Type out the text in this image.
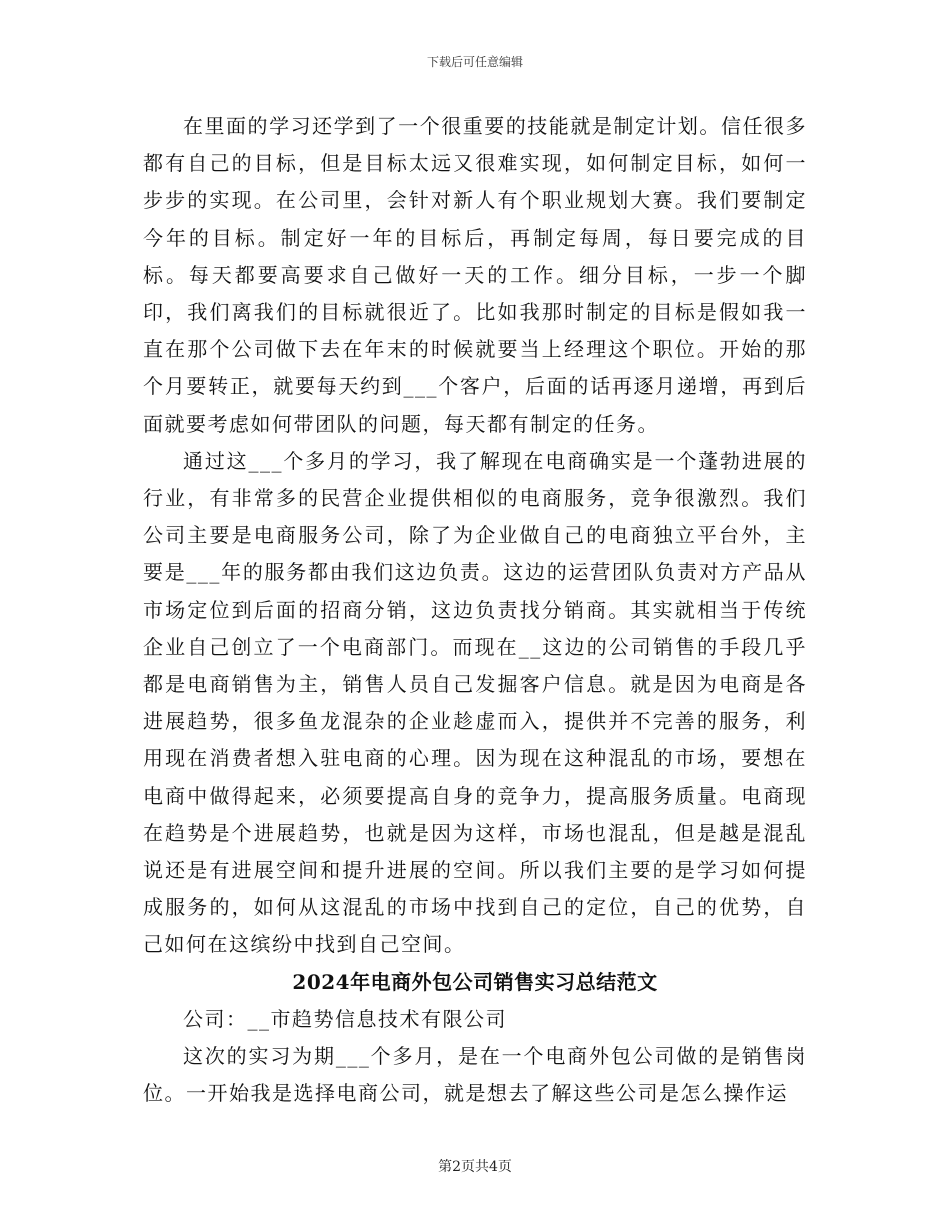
下载后可任意编辑

在里面的学习还学到了一个很重要的技能就是制定计划。信任很多都有自己的目标，但是目标太远又很难实现，如何制定目标，如何一步步的实现。在公司里，会针对新人有个职业规划大赛。我们要制定今年的目标。制定好一年的目标后，再制定每周，每日要完成的目标。每天都要高要求自己做好一天的工作。细分目标，一步一个脚印，我们离我们的目标就很近了。比如我那时制定的目标是假如我一直在那个公司做下去在年末的时候就要当上经理这个职位。开始的那个月要转正，就要每天约到___个客户，后面的话再逐月递增，再到后面就要考虑如何带团队的问题，每天都有制定的任务。

通过这___个多月的学习，我了解现在电商确实是一个蓬勃进展的行业，有非常多的民营企业提供相似的电商服务，竞争很激烈。我们公司主要是电商服务公司，除了为企业做自己的电商独立平台外，主要是___年的服务都由我们这边负责。这边的运营团队负责对方产品从市场定位到后面的招商分销，这边负责找分销商。其实就相当于传统企业自己创立了一个电商部门。而现在__这边的公司销售的手段几乎都是电商销售为主，销售人员自己发掘客户信息。就是因为电商是各进展趋势，很多鱼龙混杂的企业趁虚而入，提供并不完善的服务，利用现在消费者想入驻电商的心理。因为现在这种混乱的市场，要想在电商中做得起来，必须要提高自身的竞争力，提高服务质量。电商现在趋势是个进展趋势，也就是因为这样，市场也混乱，但是越是混乱说还是有进展空间和提升进展的空间。所以我们主要的是学习如何提成服务的，如何从这混乱的市场中找到自己的定位，自己的优势，自己如何在这缤纷中找到自己空间。

2024年电商外包公司销售实习总结范文

公司：__市趋势信息技术有限公司

这次的实习为期___个多月，是在一个电商外包公司做的是销售岗位。一开始我是选择电商公司，就是想去了解这些公司是怎么操作运

第2页共4页
